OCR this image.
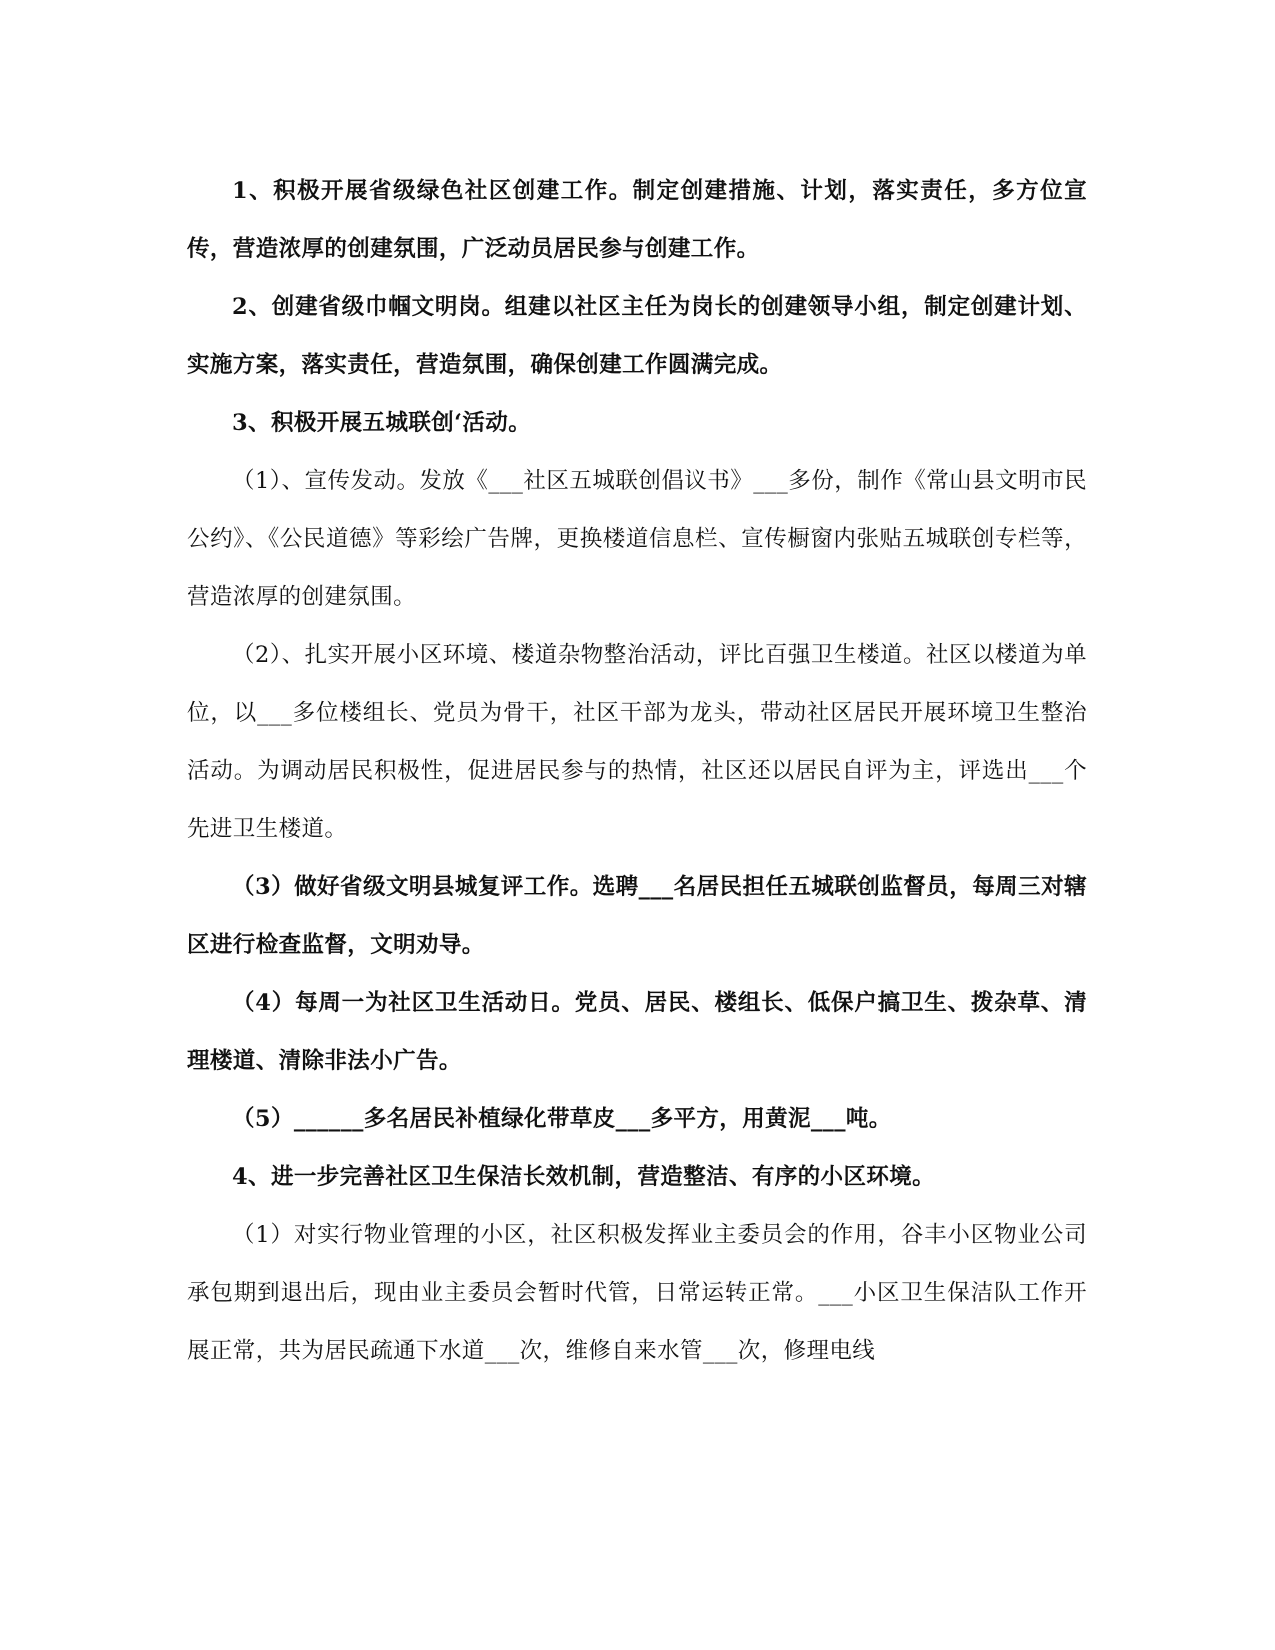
1、积极开展省级绿色社区创建工作。制定创建措施、计划，落实责任，多方位宣传，营造浓厚的创建氛围，广泛动员居民参与创建工作。

2、创建省级巾帼文明岗。组建以社区主任为岗长的创建领导小组，制定创建计划、实施方案，落实责任，营造氛围，确保创建工作圆满完成。

3、积极开展五城联创‘活动。

（1）、宣传发动。发放《___社区五城联创倡议书》___多份，制作《常山县文明市民公约》、《公民道德》等彩绘广告牌，更换楼道信息栏、宣传橱窗内张贴五城联创专栏等，营造浓厚的创建氛围。

（2）、扎实开展小区环境、楼道杂物整治活动，评比百强卫生楼道。社区以楼道为单位，以___多位楼组长、党员为骨干，社区干部为龙头，带动社区居民开展环境卫生整治活动。为调动居民积极性，促进居民参与的热情，社区还以居民自评为主，评选出___个先进卫生楼道。

（3）做好省级文明县城复评工作。选聘___名居民担任五城联创监督员，每周三对辖区进行检查监督，文明劝导。

（4）每周一为社区卫生活动日。党员、居民、楼组长、低保户搞卫生、拨杂草、清理楼道、清除非法小广告。

（5）______多名居民补植绿化带草皮___多平方，用黄泥___吨。

4、进一步完善社区卫生保洁长效机制，营造整洁、有序的小区环境。

（1）对实行物业管理的小区，社区积极发挥业主委员会的作用，谷丰小区物业公司承包期到退出后，现由业主委员会暂时代管，日常运转正常。___小区卫生保洁队工作开展正常，共为居民疏通下水道___次，维修自来水管___次，修理电线
